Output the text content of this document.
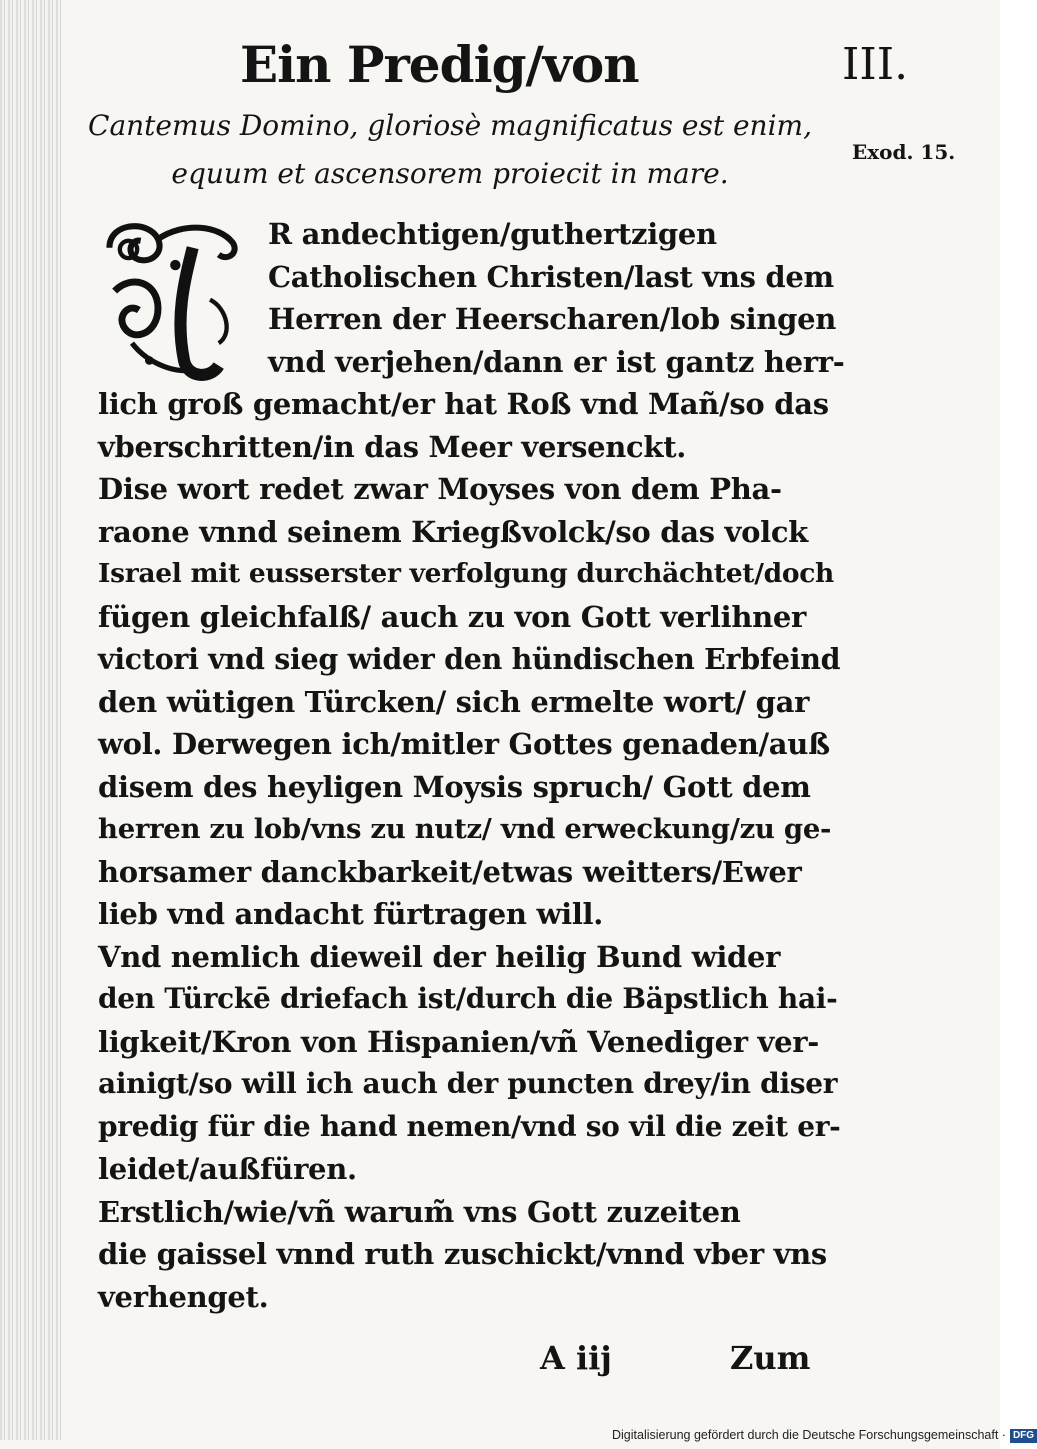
Ein Predig/von	III.
Cantemus Domino, gloriosè magnificatus est enim,
equum et ascensorem proiecit in mare.
Exod. 15.
R andechtigen/guthertzigen
Catholischen Christen/last vns dem
Herren der Heerscharen/lob singen
vnd verjehen/dann er ist gantz herr-
lich groß gemacht/er hat Roß vnd Mañ/so das
vberschritten/in das Meer versenckt.
Dise wort redet zwar Moyses von dem Pha-
raone vnnd seinem Kriegßvolck/so das volck
Israel mit eusserster verfolgung durchächtet/doch
fügen gleichfalß/ auch zu von Gott verlihner
victori vnd sieg wider den hündischen Erbfeind
den wütigen Türcken/ sich ermelte wort/ gar
wol. Derwegen ich/mitler Gottes genaden/auß
disem des heyligen Moysis spruch/ Gott dem
herren zu lob/vns zu nutz/ vnd erweckung/zu ge-
horsamer danckbarkeit/etwas weitters/Ewer
lieb vnd andacht fürtragen will.
Vnd nemlich dieweil der heilig Bund wider
den Türckē driefach ist/durch die Bäpstlich hai-
ligkeit/Kron von Hispanien/vñ Venediger ver-
ainigt/so will ich auch der puncten drey/in diser
predig für die hand nemen/vnd so vil die zeit er-
leidet/außfüren.
Erstlich/wie/vñ warum̃ vns Gott zuzeiten
die gaissel vnnd ruth zuschickt/vnnd vber vns
verhenget.
A iij	Zum
Digitalisierung gefördert durch die Deutsche Forschungsgemeinschaft · DFG
